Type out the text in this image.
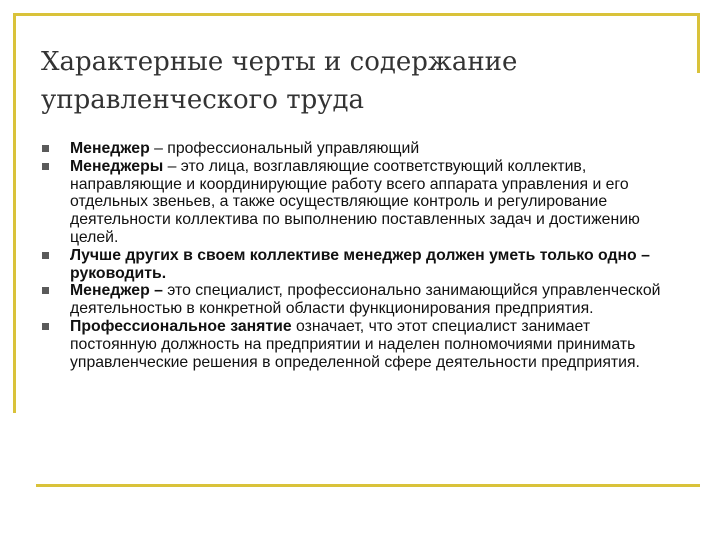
Характерные черты и содержание управленческого труда
Менеджер – профессиональный управляющий
Менеджеры – это лица, возглавляющие соответствующий коллектив, направляющие и координирующие работу всего аппарата управления и его отдельных звеньев, а также осуществляющие контроль и регулирование деятельности коллектива по выполнению поставленных задач и достижению целей.
Лучше других в своем коллективе менеджер должен уметь только одно –руководить.
Менеджер – это специалист, профессионально занимающийся управленческой деятельностью в конкретной области функционирования предприятия.
Профессиональное занятие означает, что этот специалист занимает постоянную должность на предприятии и наделен полномочиями принимать управленческие решения в определенной сфере деятельности предприятия.
